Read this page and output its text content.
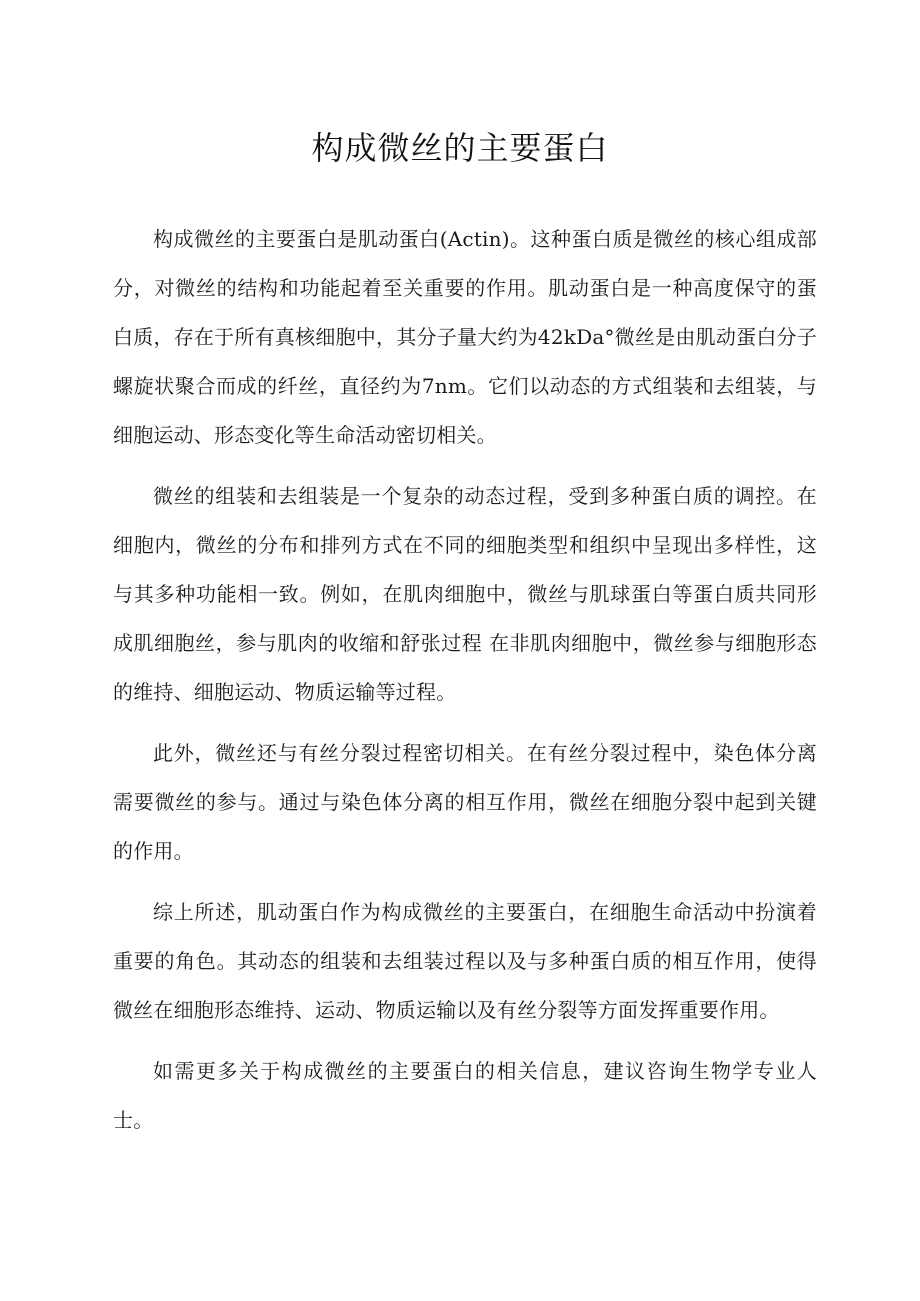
构成微丝的主要蛋白

构成微丝的主要蛋白是肌动蛋白(Actin)。这种蛋白质是微丝的核心组成部分，对微丝的结构和功能起着至关重要的作用。肌动蛋白是一种高度保守的蛋白质，存在于所有真核细胞中，其分子量大约为42kDa°微丝是由肌动蛋白分子螺旋状聚合而成的纤丝，直径约为7nm。它们以动态的方式组装和去组装，与细胞运动、形态变化等生命活动密切相关。

微丝的组装和去组装是一个复杂的动态过程，受到多种蛋白质的调控。在细胞内，微丝的分布和排列方式在不同的细胞类型和组织中呈现出多样性，这与其多种功能相一致。例如，在肌肉细胞中，微丝与肌球蛋白等蛋白质共同形成肌细胞丝，参与肌肉的收缩和舒张过程 在非肌肉细胞中，微丝参与细胞形态的维持、细胞运动、物质运输等过程。

此外，微丝还与有丝分裂过程密切相关。在有丝分裂过程中，染色体分离需要微丝的参与。通过与染色体分离的相互作用，微丝在细胞分裂中起到关键的作用。

综上所述，肌动蛋白作为构成微丝的主要蛋白，在细胞生命活动中扮演着重要的角色。其动态的组装和去组装过程以及与多种蛋白质的相互作用，使得微丝在细胞形态维持、运动、物质运输以及有丝分裂等方面发挥重要作用。

如需更多关于构成微丝的主要蛋白的相关信息，建议咨询生物学专业人士。
